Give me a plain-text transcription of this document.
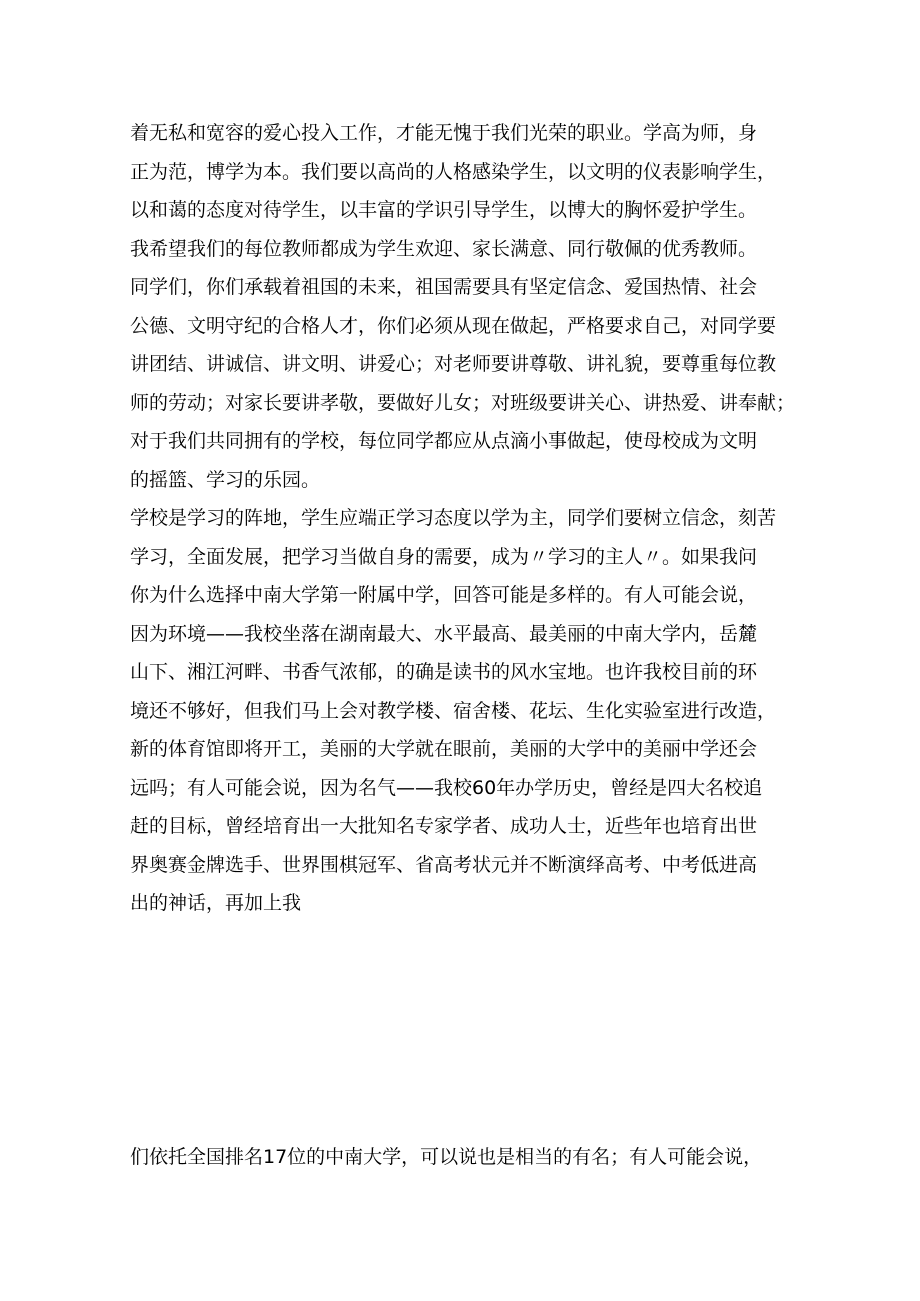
着无私和宽容的爱心投入工作，才能无愧于我们光荣的职业。学高为师，身
正为范，博学为本。我们要以高尚的人格感染学生，以文明的仪表影响学生，
以和蔼的态度对待学生，以丰富的学识引导学生，以博大的胸怀爱护学生。
我希望我们的每位教师都成为学生欢迎、家长满意、同行敬佩的优秀教师。
同学们，你们承载着祖国的未来，祖国需要具有坚定信念、爱国热情、社会
公德、文明守纪的合格人才，你们必须从现在做起，严格要求自己，对同学要
讲团结、讲诚信、讲文明、讲爱心；对老师要讲尊敬、讲礼貌，要尊重每位教
师的劳动；对家长要讲孝敬，要做好儿女；对班级要讲关心、讲热爱、讲奉献；
对于我们共同拥有的学校，每位同学都应从点滴小事做起，使母校成为文明
的摇篮、学习的乐园。
学校是学习的阵地，学生应端正学习态度以学为主，同学们要树立信念，刻苦
学习，全面发展，把学习当做自身的需要，成为〃学习的主人〃。如果我问
你为什么选择中南大学第一附属中学，回答可能是多样的。有人可能会说，
因为环境——我校坐落在湖南最大、水平最高、最美丽的中南大学内，岳麓
山下、湘江河畔、书香气浓郁，的确是读书的风水宝地。也许我校目前的环
境还不够好，但我们马上会对教学楼、宿舍楼、花坛、生化实验室进行改造，
新的体育馆即将开工，美丽的大学就在眼前，美丽的大学中的美丽中学还会
远吗；有人可能会说，因为名气——我校60年办学历史，曾经是四大名校追
赶的目标，曾经培育出一大批知名专家学者、成功人士，近些年也培育出世
界奥赛金牌选手、世界围棋冠军、省高考状元并不断演绎高考、中考低进高
出的神话，再加上我
们依托全国排名17位的中南大学，可以说也是相当的有名；有人可能会说，
